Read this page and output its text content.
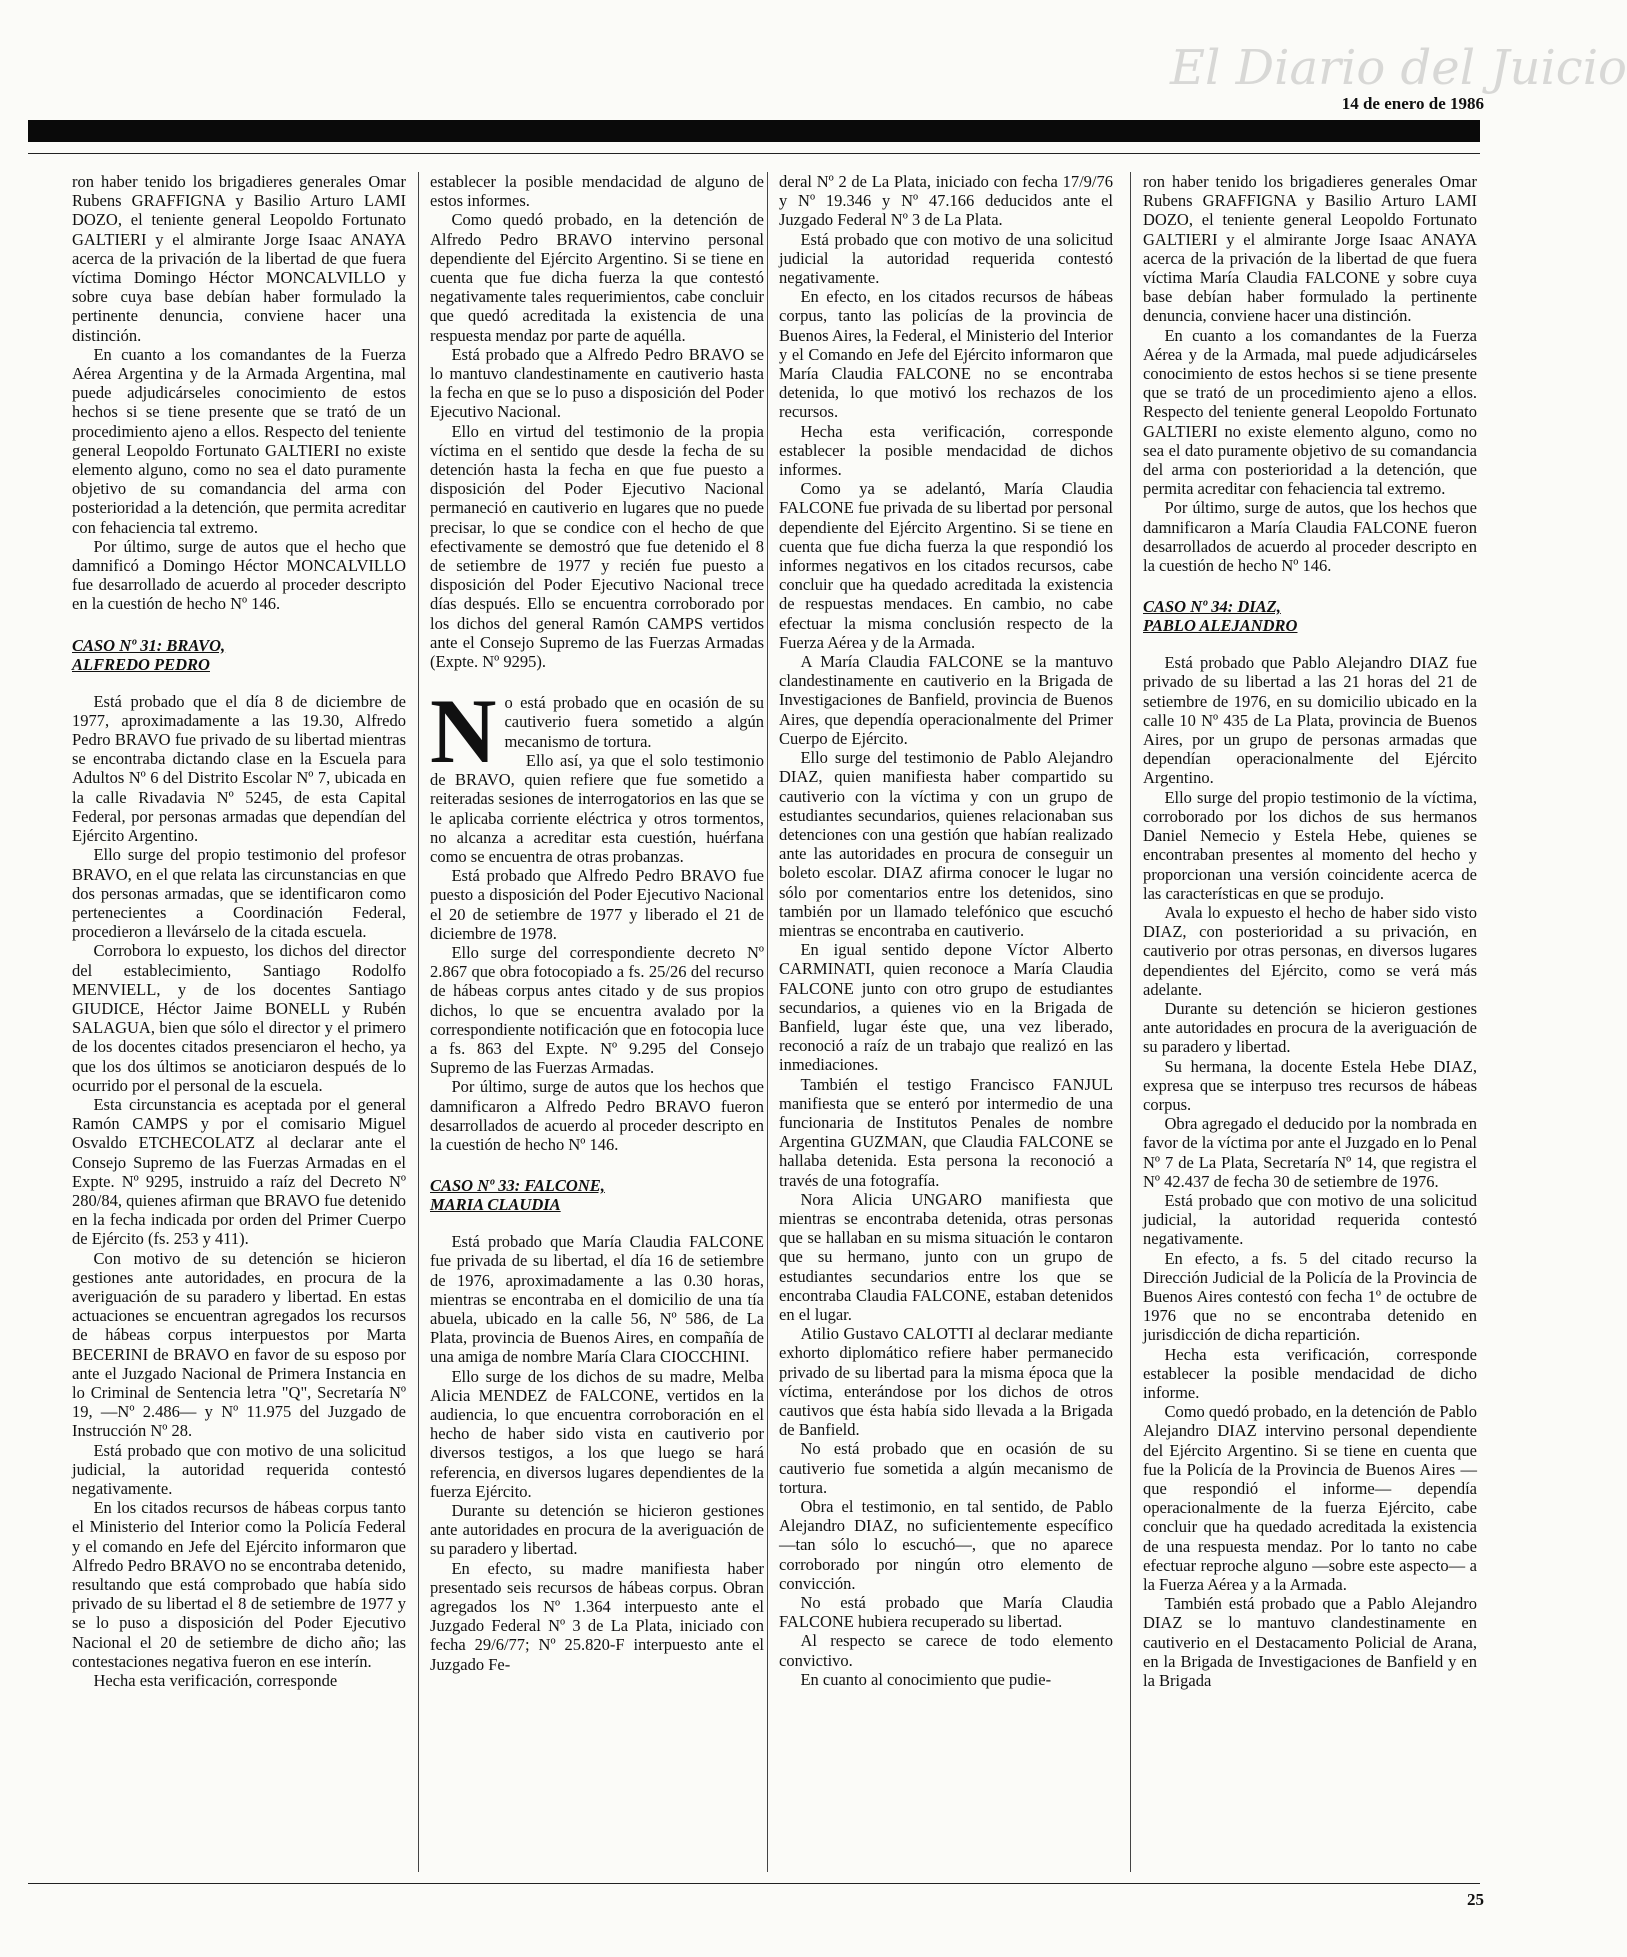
El Diario del Juicio
14 de enero de 1986

ron haber tenido los brigadieres generales Omar Rubens GRAFFIGNA y Basilio Arturo LAMI DOZO, el teniente general Leopoldo Fortunato GALTIERI y el almirante Jorge Isaac ANAYA acerca de la privación de la libertad de que fuera víctima Domingo Héctor MONCALVILLO y sobre cuya base debían haber formulado la pertinente denuncia, conviene hacer una distinción.

En cuanto a los comandantes de la Fuerza Aérea Argentina y de la Armada Argentina, mal puede adjudicárseles conocimiento de estos hechos si se tiene presente que se trató de un procedimiento ajeno a ellos. Respecto del teniente general Leopoldo Fortunato GALTIERI no existe elemento alguno, como no sea el dato puramente objetivo de su comandancia del arma con posterioridad a la detención, que permita acreditar con fehaciencia tal extremo.

Por último, surge de autos que el hecho que damnificó a Domingo Héctor MONCALVILLO fue desarrollado de acuerdo al proceder descripto en la cuestión de hecho Nº 146.

CASO Nº 31: BRAVO,
ALFREDO PEDRO

Está probado que el día 8 de diciembre de 1977, aproximadamente a las 19.30, Alfredo Pedro BRAVO fue privado de su libertad mientras se encontraba dictando clase en la Escuela para Adultos Nº 6 del Distrito Escolar Nº 7, ubicada en la calle Rivadavia Nº 5245, de esta Capital Federal, por personas armadas que dependían del Ejército Argentino.

Ello surge del propio testimonio del profesor BRAVO, en el que relata las circunstancias en que dos personas armadas, que se identificaron como pertenecientes a Coordinación Federal, procedieron a llevárselo de la citada escuela.

Corrobora lo expuesto, los dichos del director del establecimiento, Santiago Rodolfo MENVIELL, y de los docentes Santiago GIUDICE, Héctor Jaime BONELL y Rubén SALAGUA, bien que sólo el director y el primero de los docentes citados presenciaron el hecho, ya que los dos últimos se anoticiaron después de lo ocurrido por el personal de la escuela.

Esta circunstancia es aceptada por el general Ramón CAMPS y por el comisario Miguel Osvaldo ETCHECOLATZ al declarar ante el Consejo Supremo de las Fuerzas Armadas en el Expte. Nº 9295, instruido a raíz del Decreto Nº 280/84, quienes afirman que BRAVO fue detenido en la fecha indicada por orden del Primer Cuerpo de Ejército (fs. 253 y 411).

Con motivo de su detención se hicieron gestiones ante autoridades, en procura de la averiguación de su paradero y libertad. En estas actuaciones se encuentran agregados los recursos de hábeas corpus interpuestos por Marta BECERINI de BRAVO en favor de su esposo por ante el Juzgado Nacional de Primera Instancia en lo Criminal de Sentencia letra "Q", Secretaría Nº 19, —Nº 2.486— y Nº 11.975 del Juzgado de Instrucción Nº 28.

Está probado que con motivo de una solicitud judicial, la autoridad requerida contestó negativamente.

En los citados recursos de hábeas corpus tanto el Ministerio del Interior como la Policía Federal y el comando en Jefe del Ejército informaron que Alfredo Pedro BRAVO no se encontraba detenido, resultando que está comprobado que había sido privado de su libertad el 8 de setiembre de 1977 y se lo puso a disposición del Poder Ejecutivo Nacional el 20 de setiembre de dicho año; las contestaciones negativa fueron en ese interín.

Hecha esta verificación, corresponde

establecer la posible mendacidad de alguno de estos informes.

Como quedó probado, en la detención de Alfredo Pedro BRAVO intervino personal dependiente del Ejército Argentino. Si se tiene en cuenta que fue dicha fuerza la que contestó negativamente tales requerimientos, cabe concluir que quedó acreditada la existencia de una respuesta mendaz por parte de aquélla.

Está probado que a Alfredo Pedro BRAVO se lo mantuvo clandestinamente en cautiverio hasta la fecha en que se lo puso a disposición del Poder Ejecutivo Nacional.

Ello en virtud del testimonio de la propia víctima en el sentido que desde la fecha de su detención hasta la fecha en que fue puesto a disposición del Poder Ejecutivo Nacional permaneció en cautiverio en lugares que no puede precisar, lo que se condice con el hecho de que efectivamente se demostró que fue detenido el 8 de setiembre de 1977 y recién fue puesto a disposición del Poder Ejecutivo Nacional trece días después. Ello se encuentra corroborado por los dichos del general Ramón CAMPS vertidos ante el Consejo Supremo de las Fuerzas Armadas (Expte. Nº 9295).

No está probado que en ocasión de su cautiverio fuera sometido a algún mecanismo de tortura.

Ello así, ya que el solo testimonio de BRAVO, quien refiere que fue sometido a reiteradas sesiones de interrogatorios en las que se le aplicaba corriente eléctrica y otros tormentos, no alcanza a acreditar esta cuestión, huérfana como se encuentra de otras probanzas.

Está probado que Alfredo Pedro BRAVO fue puesto a disposición del Poder Ejecutivo Nacional el 20 de setiembre de 1977 y liberado el 21 de diciembre de 1978.

Ello surge del correspondiente decreto Nº 2.867 que obra fotocopiado a fs. 25/26 del recurso de hábeas corpus antes citado y de sus propios dichos, lo que se encuentra avalado por la correspondiente notificación que en fotocopia luce a fs. 863 del Expte. Nº 9.295 del Consejo Supremo de las Fuerzas Armadas.

Por último, surge de autos que los hechos que damnificaron a Alfredo Pedro BRAVO fueron desarrollados de acuerdo al proceder descripto en la cuestión de hecho Nº 146.

CASO Nº 33: FALCONE,
MARIA CLAUDIA

Está probado que María Claudia FALCONE fue privada de su libertad, el día 16 de setiembre de 1976, aproximadamente a las 0.30 horas, mientras se encontraba en el domicilio de una tía abuela, ubicado en la calle 56, Nº 586, de La Plata, provincia de Buenos Aires, en compañía de una amiga de nombre María Clara CIOCCHINI.

Ello surge de los dichos de su madre, Melba Alicia MENDEZ de FALCONE, vertidos en la audiencia, lo que encuentra corroboración en el hecho de haber sido vista en cautiverio por diversos testigos, a los que luego se hará referencia, en diversos lugares dependientes de la fuerza Ejército.

Durante su detención se hicieron gestiones ante autoridades en procura de la averiguación de su paradero y libertad.

En efecto, su madre manifiesta haber presentado seis recursos de hábeas corpus. Obran agregados los Nº 1.364 interpuesto ante el Juzgado Federal Nº 3 de La Plata, iniciado con fecha 29/6/77; Nº 25.820-F interpuesto ante el Juzgado Fe-

deral Nº 2 de La Plata, iniciado con fecha 17/9/76 y Nº 19.346 y Nº 47.166 deducidos ante el Juzgado Federal Nº 3 de La Plata.

Está probado que con motivo de una solicitud judicial la autoridad requerida contestó negativamente.

En efecto, en los citados recursos de hábeas corpus, tanto las policías de la provincia de Buenos Aires, la Federal, el Ministerio del Interior y el Comando en Jefe del Ejército informaron que María Claudia FALCONE no se encontraba detenida, lo que motivó los rechazos de los recursos.

Hecha esta verificación, corresponde establecer la posible mendacidad de dichos informes.

Como ya se adelantó, María Claudia FALCONE fue privada de su libertad por personal dependiente del Ejército Argentino. Si se tiene en cuenta que fue dicha fuerza la que respondió los informes negativos en los citados recursos, cabe concluir que ha quedado acreditada la existencia de respuestas mendaces. En cambio, no cabe efectuar la misma conclusión respecto de la Fuerza Aérea y de la Armada.

A María Claudia FALCONE se la mantuvo clandestinamente en cautiverio en la Brigada de Investigaciones de Banfield, provincia de Buenos Aires, que dependía operacionalmente del Primer Cuerpo de Ejército.

Ello surge del testimonio de Pablo Alejandro DIAZ, quien manifiesta haber compartido su cautiverio con la víctima y con un grupo de estudiantes secundarios, quienes relacionaban sus detenciones con una gestión que habían realizado ante las autoridades en procura de conseguir un boleto escolar. DIAZ afirma conocer le lugar no sólo por comentarios entre los detenidos, sino también por un llamado telefónico que escuchó mientras se encontraba en cautiverio.

En igual sentido depone Víctor Alberto CARMINATI, quien reconoce a María Claudia FALCONE junto con otro grupo de estudiantes secundarios, a quienes vio en la Brigada de Banfield, lugar éste que, una vez liberado, reconoció a raíz de un trabajo que realizó en las inmediaciones.

También el testigo Francisco FANJUL manifiesta que se enteró por intermedio de una funcionaria de Institutos Penales de nombre Argentina GUZMAN, que Claudia FALCONE se hallaba detenida. Esta persona la reconoció a través de una fotografía.

Nora Alicia UNGARO manifiesta que mientras se encontraba detenida, otras personas que se hallaban en su misma situación le contaron que su hermano, junto con un grupo de estudiantes secundarios entre los que se encontraba Claudia FALCONE, estaban detenidos en el lugar.

Atilio Gustavo CALOTTI al declarar mediante exhorto diplomático refiere haber permanecido privado de su libertad para la misma época que la víctima, enterándose por los dichos de otros cautivos que ésta había sido llevada a la Brigada de Banfield.

No está probado que en ocasión de su cautiverio fue sometida a algún mecanismo de tortura.

Obra el testimonio, en tal sentido, de Pablo Alejandro DIAZ, no suficientemente específico —tan sólo lo escuchó—, que no aparece corroborado por ningún otro elemento de convicción.

No está probado que María Claudia FALCONE hubiera recuperado su libertad.

Al respecto se carece de todo elemento convictivo.

En cuanto al conocimiento que pudie-

ron haber tenido los brigadieres generales Omar Rubens GRAFFIGNA y Basilio Arturo LAMI DOZO, el teniente general Leopoldo Fortunato GALTIERI y el almirante Jorge Isaac ANAYA acerca de la privación de la libertad de que fuera víctima María Claudia FALCONE y sobre cuya base debían haber formulado la pertinente denuncia, conviene hacer una distinción.

En cuanto a los comandantes de la Fuerza Aérea y de la Armada, mal puede adjudicárseles conocimiento de estos hechos si se tiene presente que se trató de un procedimiento ajeno a ellos. Respecto del teniente general Leopoldo Fortunato GALTIERI no existe elemento alguno, como no sea el dato puramente objetivo de su comandancia del arma con posterioridad a la detención, que permita acreditar con fehaciencia tal extremo.

Por último, surge de autos, que los hechos que damnificaron a María Claudia FALCONE fueron desarrollados de acuerdo al proceder descripto en la cuestión de hecho Nº 146.

CASO Nº 34: DIAZ,
PABLO ALEJANDRO

Está probado que Pablo Alejandro DIAZ fue privado de su libertad a las 21 horas del 21 de setiembre de 1976, en su domicilio ubicado en la calle 10 Nº 435 de La Plata, provincia de Buenos Aires, por un grupo de personas armadas que dependían operacionalmente del Ejército Argentino.

Ello surge del propio testimonio de la víctima, corroborado por los dichos de sus hermanos Daniel Nemecio y Estela Hebe, quienes se encontraban presentes al momento del hecho y proporcionan una versión coincidente acerca de las características en que se produjo.

Avala lo expuesto el hecho de haber sido visto DIAZ, con posterioridad a su privación, en cautiverio por otras personas, en diversos lugares dependientes del Ejército, como se verá más adelante.

Durante su detención se hicieron gestiones ante autoridades en procura de la averiguación de su paradero y libertad.

Su hermana, la docente Estela Hebe DIAZ, expresa que se interpuso tres recursos de hábeas corpus.

Obra agregado el deducido por la nombrada en favor de la víctima por ante el Juzgado en lo Penal Nº 7 de La Plata, Secretaría Nº 14, que registra el Nº 42.437 de fecha 30 de setiembre de 1976.

Está probado que con motivo de una solicitud judicial, la autoridad requerida contestó negativamente.

En efecto, a fs. 5 del citado recurso la Dirección Judicial de la Policía de la Provincia de Buenos Aires contestó con fecha 1º de octubre de 1976 que no se encontraba detenido en jurisdicción de dicha repartición.

Hecha esta verificación, corresponde establecer la posible mendacidad de dicho informe.

Como quedó probado, en la detención de Pablo Alejandro DIAZ intervino personal dependiente del Ejército Argentino. Si se tiene en cuenta que fue la Policía de la Provincia de Buenos Aires —que respondió el informe— dependía operacionalmente de la fuerza Ejército, cabe concluir que ha quedado acreditada la existencia de una respuesta mendaz. Por lo tanto no cabe efectuar reproche alguno —sobre este aspecto— a la Fuerza Aérea y a la Armada.

También está probado que a Pablo Alejandro DIAZ se lo mantuvo clandestinamente en cautiverio en el Destacamento Policial de Arana, en la Brigada de Investigaciones de Banfield y en la Brigada

25
